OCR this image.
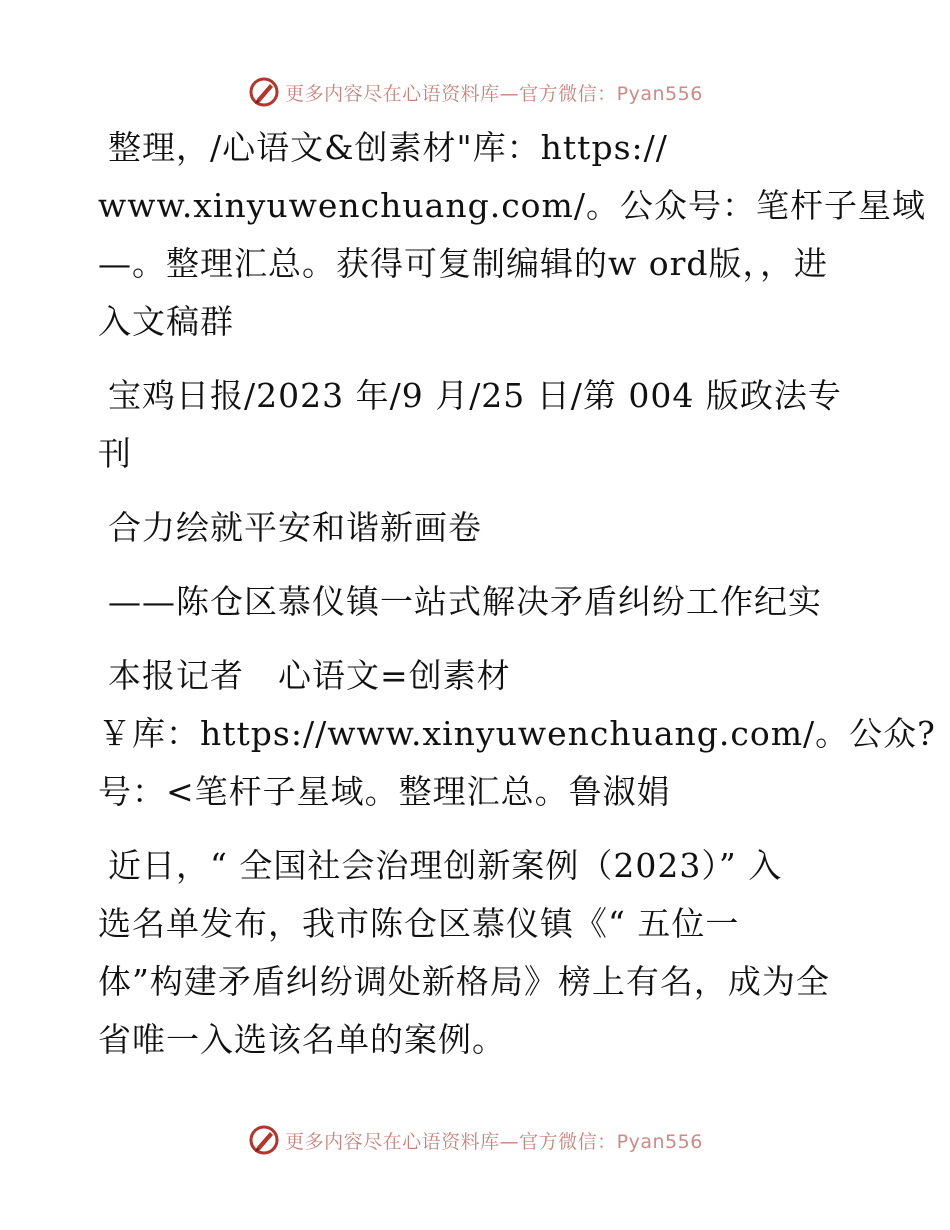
更多内容尽在心语资料库—官方微信：Pyan556
整理，/心语文&创素材"库：https://
www.xinyuwenchuang.com/。公众号：笔杆子星域
—。整理汇总。获得可复制编辑的w ord版，，进
入文稿群
宝鸡日报/2023 年/9 月/25 日/第 004 版政法专
刊
合力绘就平安和谐新画卷
——陈仓区慕仪镇一站式解决矛盾纠纷工作纪实
本报记者　心语文=创素材
￥库：https://www.xinyuwenchuang.com/。公众?
号：<笔杆子星域。整理汇总。鲁淑娟
近日，“ 全国社会治理创新案例（2023）” 入
选名单发布，我市陈仓区慕仪镇《“ 五位一
体”构建矛盾纠纷调处新格局》榜上有名，成为全
省唯一入选该名单的案例。
更多内容尽在心语资料库—官方微信：Pyan556
